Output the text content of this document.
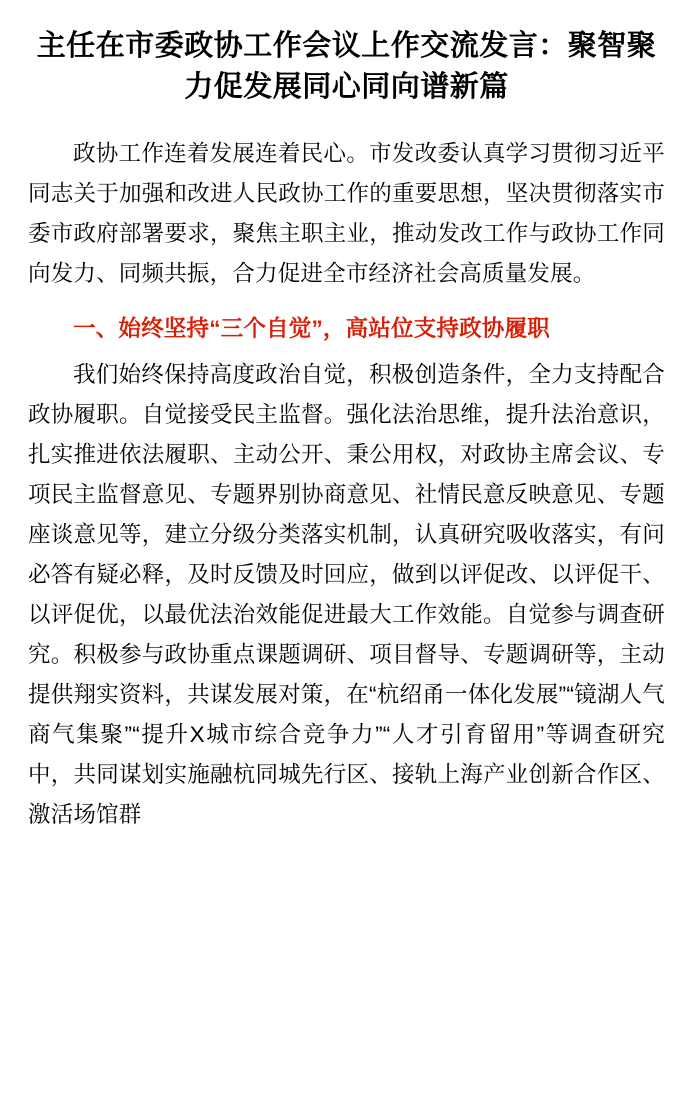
主任在市委政协工作会议上作交流发言：聚智聚力促发展同心同向谱新篇

政协工作连着发展连着民心。市发改委认真学习贯彻习近平同志关于加强和改进人民政协工作的重要思想，坚决贯彻落实市委市政府部署要求，聚焦主职主业，推动发改工作与政协工作同向发力、同频共振，合力促进全市经济社会高质量发展。

一、始终坚持“三个自觉”，高站位支持政协履职

我们始终保持高度政治自觉，积极创造条件，全力支持配合政协履职。自觉接受民主监督。强化法治思维，提升法治意识，扎实推进依法履职、主动公开、秉公用权，对政协主席会议、专项民主监督意见、专题界别协商意见、社情民意反映意见、专题座谈意见等，建立分级分类落实机制，认真研究吸收落实，有问必答有疑必释，及时反馈及时回应，做到以评促改、以评促干、以评促优，以最优法治效能促进最大工作效能。自觉参与调查研究。积极参与政协重点课题调研、项目督导、专题调研等，主动提供翔实资料，共谋发展对策，在“杭绍甬一体化发展”“镜湖人气商气集聚”“提升X城市综合竞争力”“人才引育留用”等调查研究中，共同谋划实施融杭同城先行区、接轨上海产业创新合作区、激活场馆群
